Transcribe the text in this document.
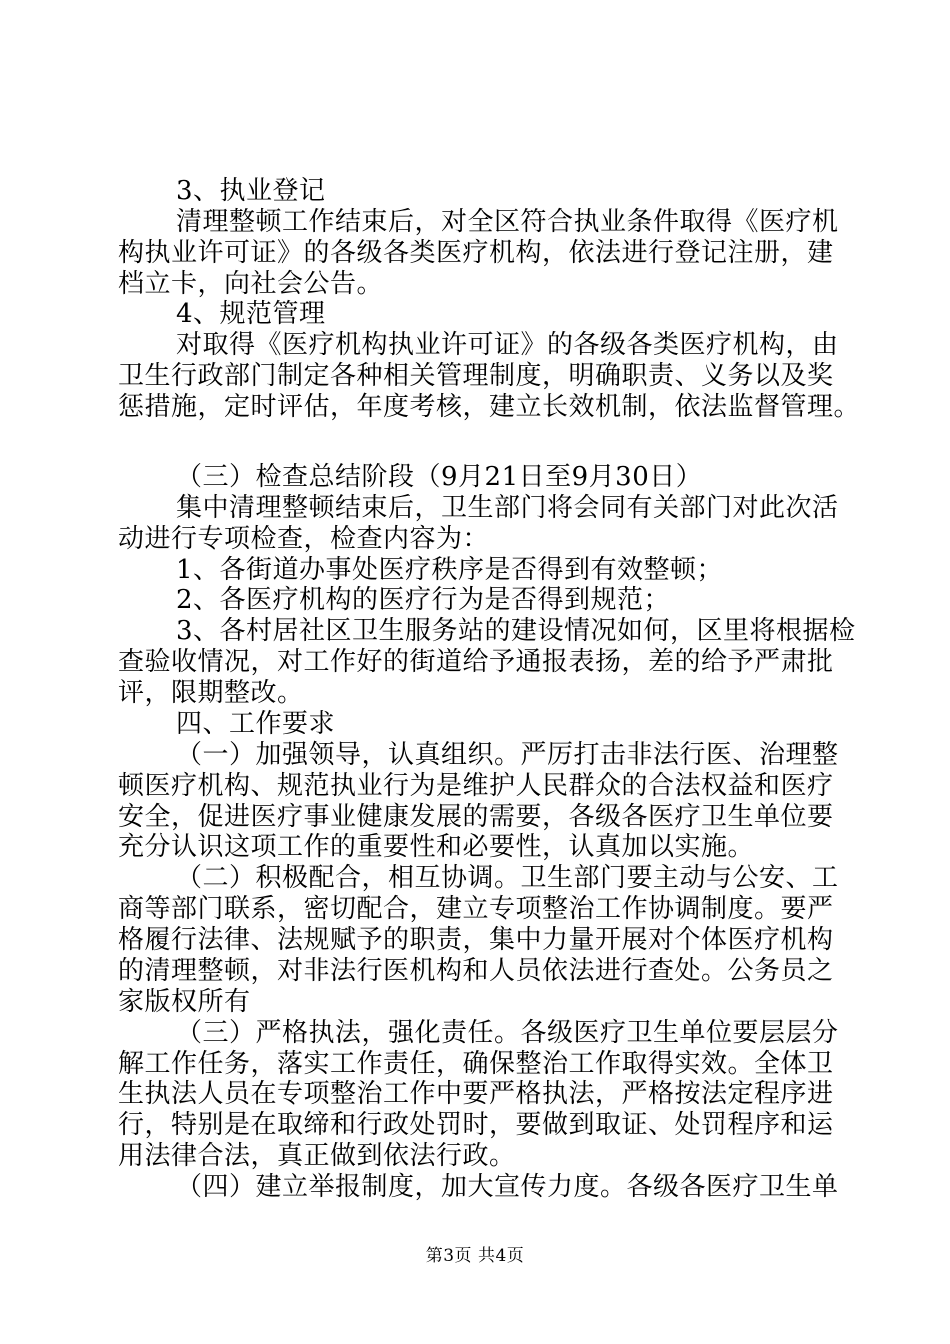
3、执业登记
清理整顿工作结束后，对全区符合执业条件取得《医疗机
构执业许可证》的各级各类医疗机构，依法进行登记注册，建
档立卡，向社会公告。
4、规范管理
对取得《医疗机构执业许可证》的各级各类医疗机构，由
卫生行政部门制定各种相关管理制度，明确职责、义务以及奖
惩措施，定时评估，年度考核，建立长效机制，依法监督管理。
（三）检查总结阶段（9月21日至9月30日）
集中清理整顿结束后，卫生部门将会同有关部门对此次活
动进行专项检查，检查内容为：
1、各街道办事处医疗秩序是否得到有效整顿；
2、各医疗机构的医疗行为是否得到规范；
3、各村居社区卫生服务站的建设情况如何，区里将根据检
查验收情况，对工作好的街道给予通报表扬，差的给予严肃批
评，限期整改。
四、工作要求
（一）加强领导，认真组织。严厉打击非法行医、治理整
顿医疗机构、规范执业行为是维护人民群众的合法权益和医疗
安全，促进医疗事业健康发展的需要，各级各医疗卫生单位要
充分认识这项工作的重要性和必要性，认真加以实施。
（二）积极配合，相互协调。卫生部门要主动与公安、工
商等部门联系，密切配合，建立专项整治工作协调制度。要严
格履行法律、法规赋予的职责，集中力量开展对个体医疗机构
的清理整顿，对非法行医机构和人员依法进行查处。公务员之
家版权所有
（三）严格执法，强化责任。各级医疗卫生单位要层层分
第3页 共4页
解工作任务，落实工作责任，确保整治工作取得实效。全体卫
生执法人员在专项整治工作中要严格执法，严格按法定程序进
行，特别是在取缔和行政处罚时，要做到取证、处罚程序和运
用法律合法，真正做到依法行政。
（四）建立举报制度，加大宣传力度。各级各医疗卫生单
